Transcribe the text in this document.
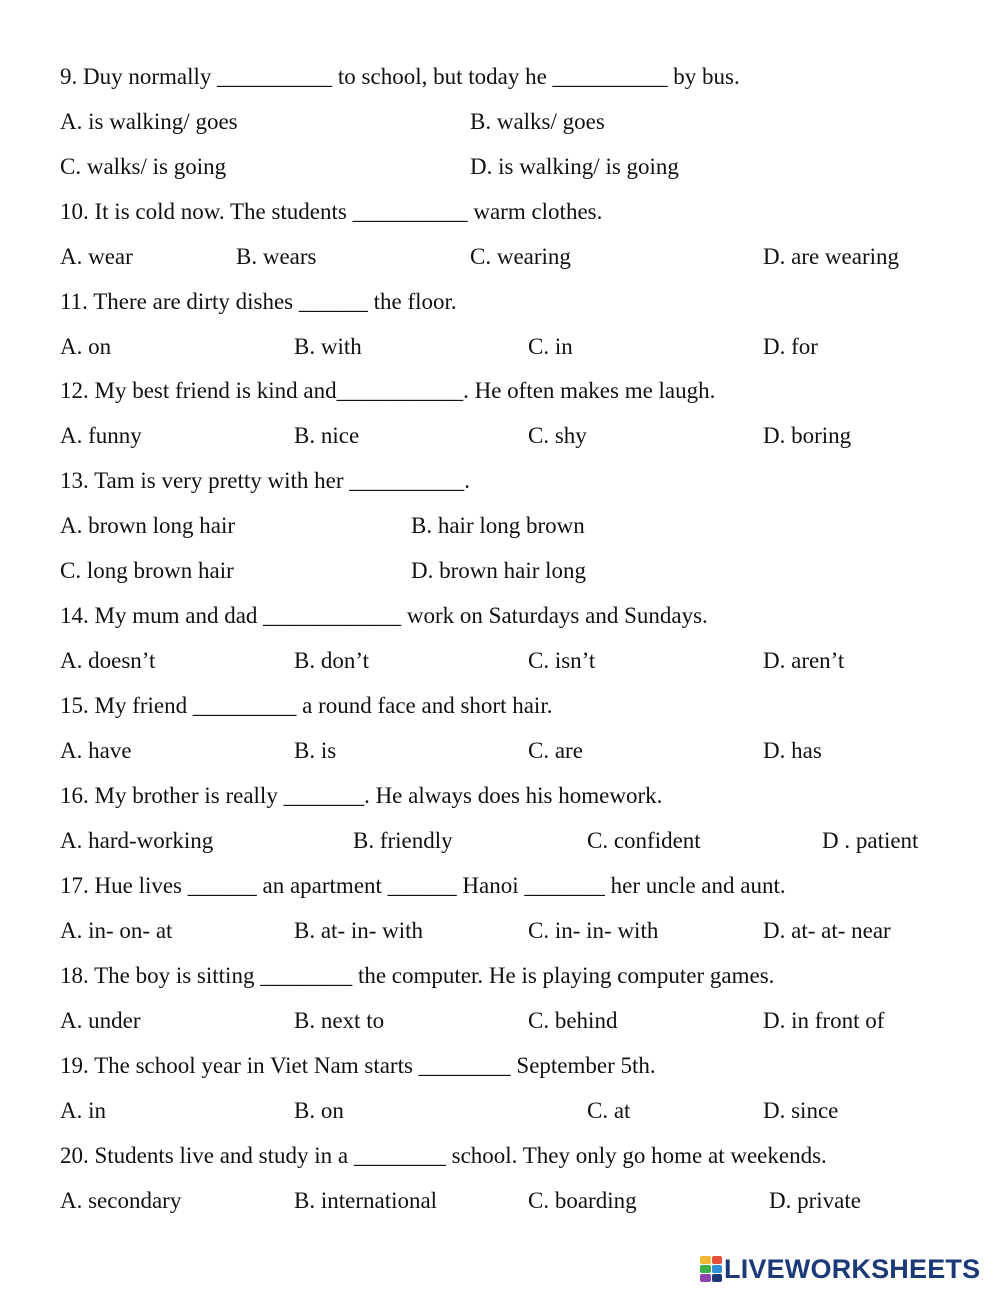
9. Duy normally __________ to school, but today he __________ by bus.
A. is walking/ goes	B. walks/ goes
C. walks/ is going	D. is walking/ is going
10. It is cold now. The students __________ warm clothes.
A. wear	B. wears	C. wearing	D. are wearing
11. There are dirty dishes ______ the floor.
A. on	B. with	C. in	D. for
12. My best friend is kind and___________. He often makes me laugh.
A. funny	B. nice	C. shy	D. boring
13. Tam is very pretty with her __________.
A. brown long hair	B. hair long brown
C. long brown hair	D. brown hair long
14. My mum and dad ____________ work on Saturdays and Sundays.
A. doesn’t	B. don’t	C. isn’t	D. aren’t
15. My friend _________ a round face and short hair.
A. have	B. is	C. are	D. has
16. My brother is really _______. He always does his homework.
A. hard-working	B. friendly	C. confident	D . patient
17. Hue lives ______ an apartment ______ Hanoi _______ her uncle and aunt.
A. in- on- at	B. at- in- with	C. in- in- with	D. at- at- near
18. The boy is sitting ________ the computer. He is playing computer games.
A. under	B. next to	C. behind	D. in front of
19. The school year in Viet Nam starts ________ September 5th.
A. in	B. on	C. at	D. since
20. Students live and study in a ________ school. They only go home at weekends.
A. secondary	B. international	C. boarding	D. private
LIVEWORKSHEETS
